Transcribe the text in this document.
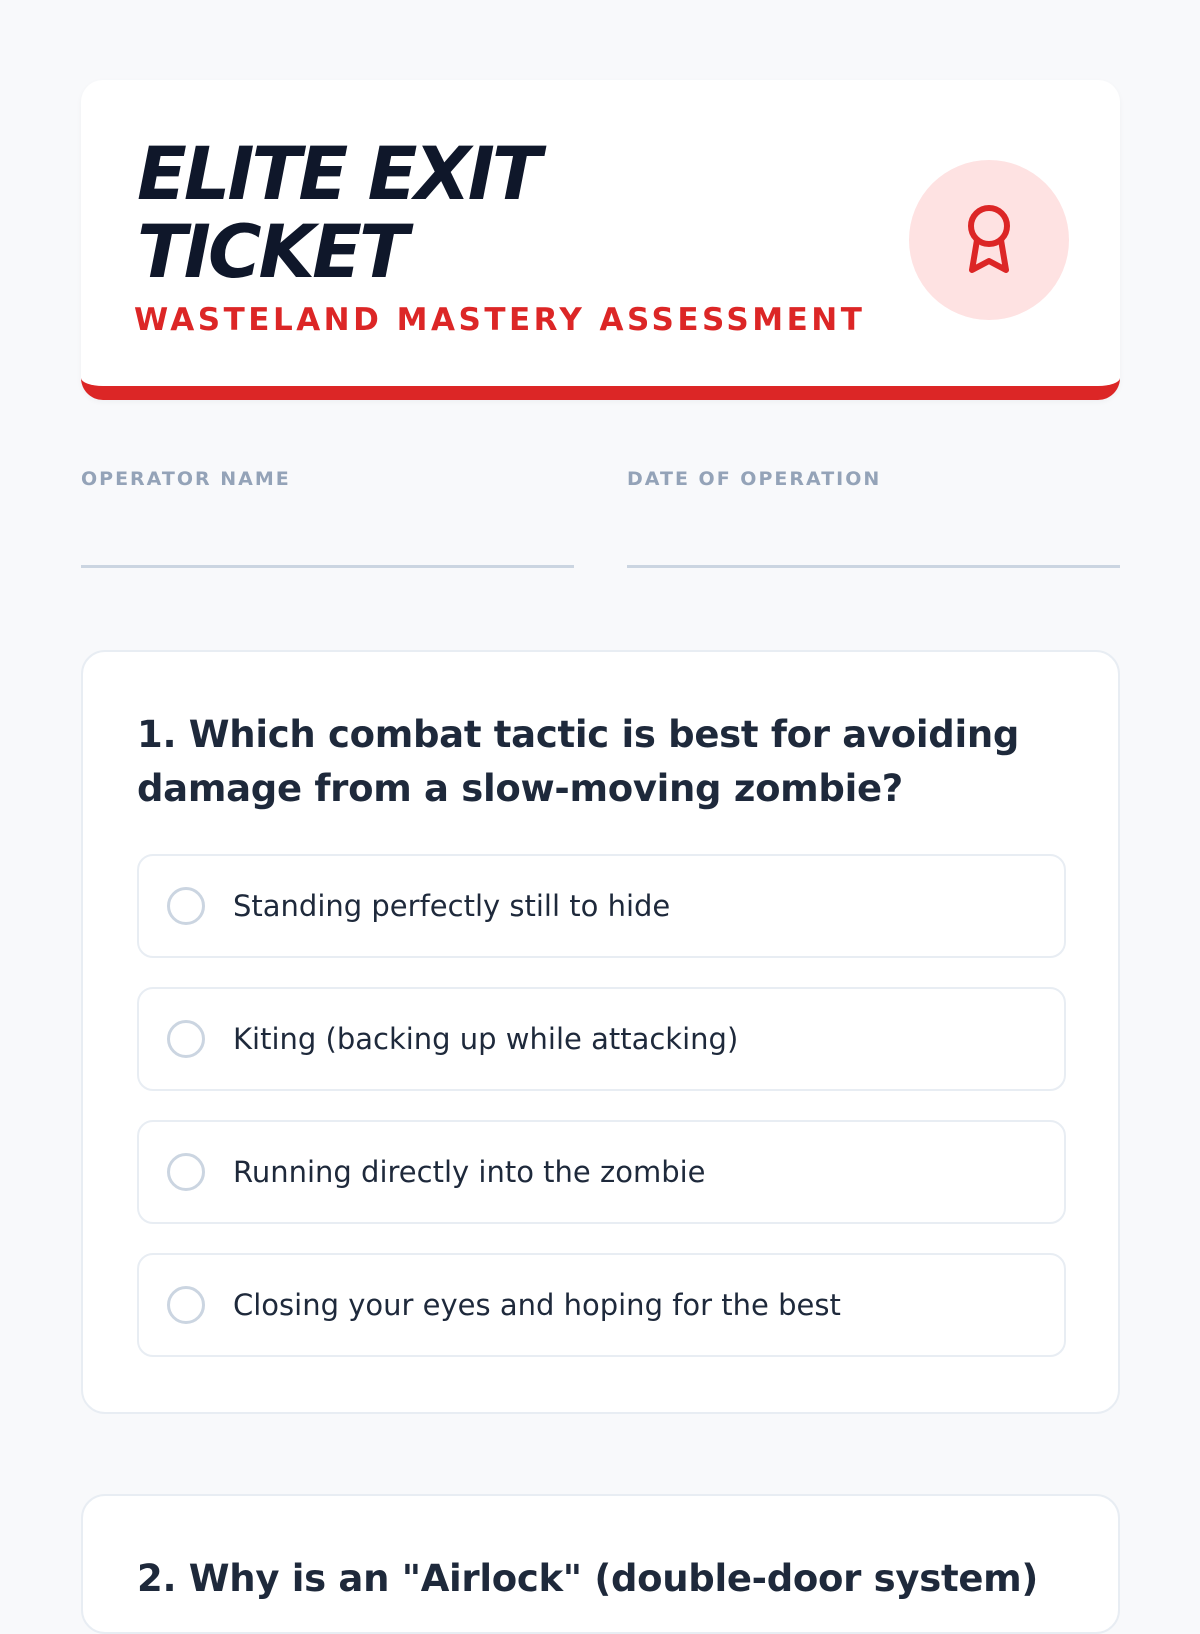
ELITE EXIT
TICKET
WASTELAND MASTERY ASSESSMENT
OPERATOR NAME	DATE OF OPERATION
1. Which combat tactic is best for avoiding damage from a slow-moving zombie?
Standing perfectly still to hide
Kiting (backing up while attacking)
Running directly into the zombie
Closing your eyes and hoping for the best
2. Why is an "Airlock" (double-door system)
